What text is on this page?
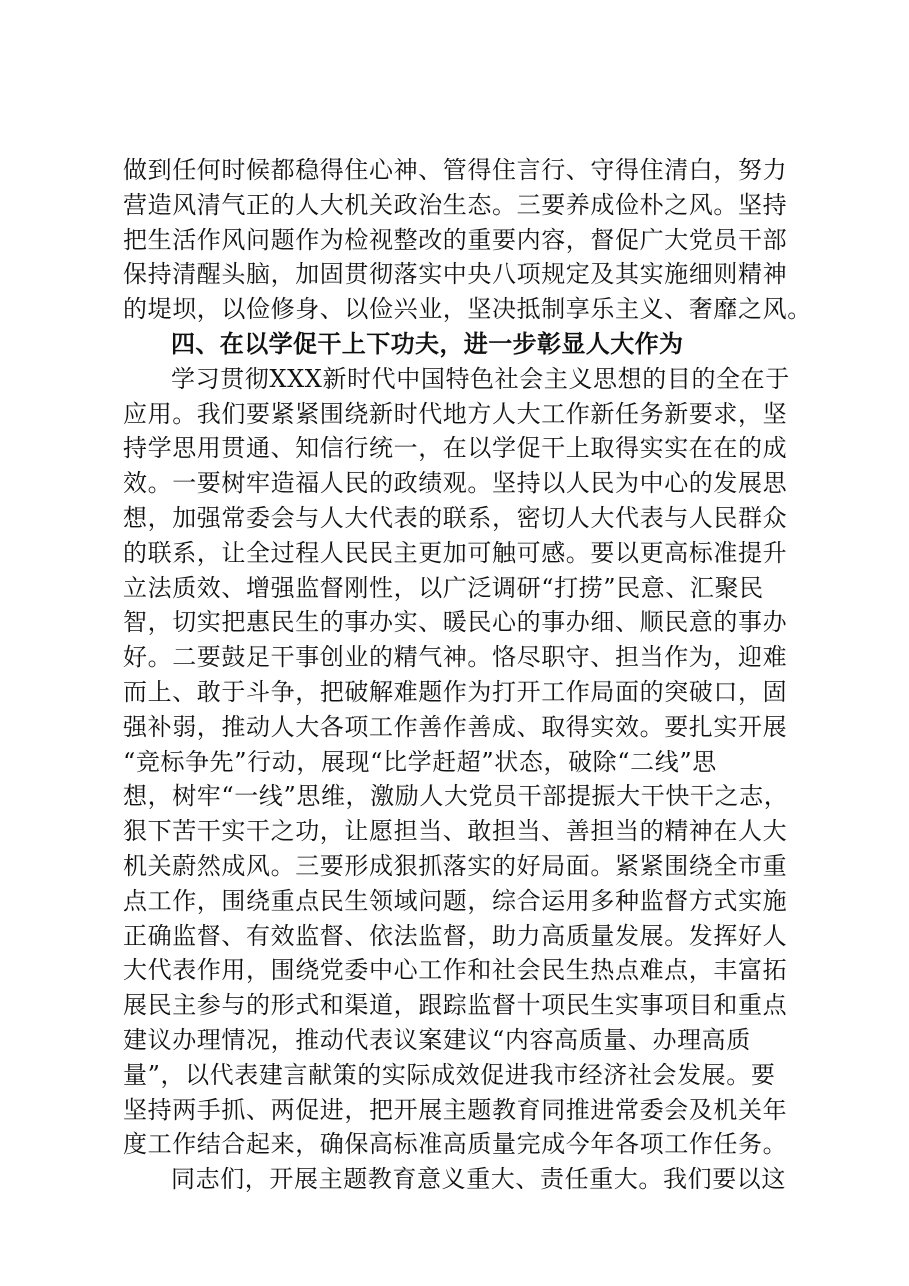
做到任何时候都稳得住心神、管得住言行、守得住清白，努力
营造风清气正的人大机关政治生态。三要养成俭朴之风。坚持
把生活作风问题作为检视整改的重要内容，督促广大党员干部
保持清醒头脑，加固贯彻落实中央八项规定及其实施细则精神
的堤坝，以俭修身、以俭兴业，坚决抵制享乐主义、奢靡之风。
四、在以学促干上下功夫，进一步彰显人大作为
学习贯彻XXX新时代中国特色社会主义思想的目的全在于
应用。我们要紧紧围绕新时代地方人大工作新任务新要求，坚
持学思用贯通、知信行统一，在以学促干上取得实实在在的成
效。一要树牢造福人民的政绩观。坚持以人民为中心的发展思
想，加强常委会与人大代表的联系，密切人大代表与人民群众
的联系，让全过程人民民主更加可触可感。要以更高标准提升
立法质效、增强监督刚性，以广泛调研“打捞”民意、汇聚民
智，切实把惠民生的事办实、暖民心的事办细、顺民意的事办
好。二要鼓足干事创业的精气神。恪尽职守、担当作为，迎难
而上、敢于斗争，把破解难题作为打开工作局面的突破口，固
强补弱，推动人大各项工作善作善成、取得实效。要扎实开展
“竞标争先”行动，展现“比学赶超”状态，破除“二线”思
想，树牢“一线”思维，激励人大党员干部提振大干快干之志，
狠下苦干实干之功，让愿担当、敢担当、善担当的精神在人大
机关蔚然成风。三要形成狠抓落实的好局面。紧紧围绕全市重
点工作，围绕重点民生领域问题，综合运用多种监督方式实施
正确监督、有效监督、依法监督，助力高质量发展。发挥好人
大代表作用，围绕党委中心工作和社会民生热点难点，丰富拓
展民主参与的形式和渠道，跟踪监督十项民生实事项目和重点
建议办理情况，推动代表议案建议“内容高质量、办理高质
量”，以代表建言献策的实际成效促进我市经济社会发展。要
坚持两手抓、两促进，把开展主题教育同推进常委会及机关年
度工作结合起来，确保高标准高质量完成今年各项工作任务。
同志们，开展主题教育意义重大、责任重大。我们要以这
